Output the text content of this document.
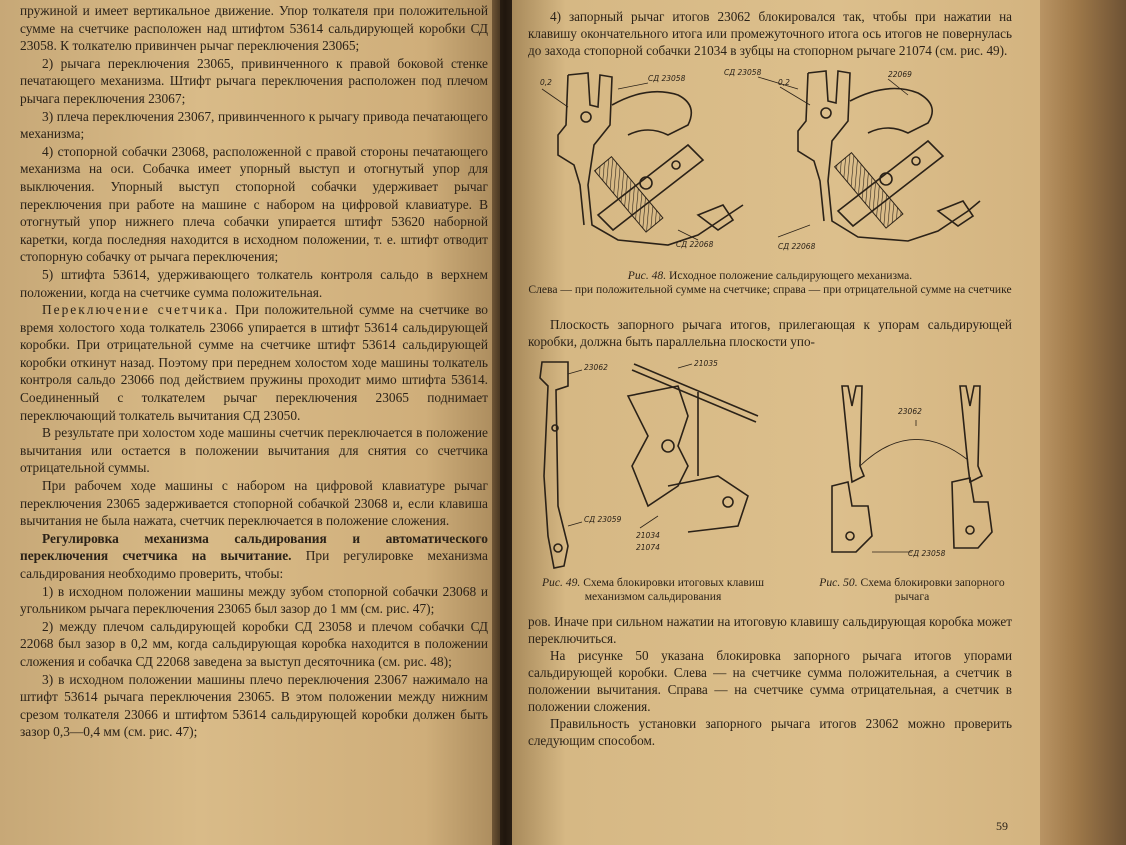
пружиной и имеет вертикальное движение. Упор толкателя при положительной сумме на счетчике расположен над штифтом 53614 сальдирующей коробки СД 23058. К толкателю привинчен рычаг переключения 23065;

2) рычага переключения 23065, привинченного к правой боковой стенке печатающего механизма. Штифт рычага переключения расположен под плечом рычага переключения 23067;

3) плеча переключения 23067, привинченного к рычагу привода печатающего механизма;

4) стопорной собачки 23068, расположенной с правой стороны печатающего механизма на оси. Собачка имеет упорный выступ и отогнутый упор для выключения. Упорный выступ стопорной собачки удерживает рычаг переключения при работе на машине с набором на цифровой клавиатуре. В отогнутый упор нижнего плеча собачки упирается штифт 53620 наборной каретки, когда последняя находится в исходном положении, т. е. штифт отводит стопорную собачку от рычага переключения;

5) штифта 53614, удерживающего толкатель контроля сальдо в верхнем положении, когда на счетчике сумма положительная.

Переключение счетчика. При положительной сумме на счетчике во время холостого хода толкатель 23066 упирается в штифт 53614 сальдирующей коробки. При отрицательной сумме на счетчике штифт 53614 сальдирующей коробки откинут назад. Поэтому при переднем холостом ходе машины толкатель контроля сальдо 23066 под действием пружины проходит мимо штифта 53614. Соединенный с толкателем рычаг переключения 23065 поднимает переключающий толкатель вычитания СД 23050.

В результате при холостом ходе машины счетчик переключается в положение вычитания или остается в положении вычитания для снятия со счетчика отрицательной суммы.

При рабочем ходе машины с набором на цифровой клавиатуре рычаг переключения 23065 задерживается стопорной собачкой 23068 и, если клавиша вычитания не была нажата, счетчик переключается в положение сложения.

Регулировка механизма сальдирования и автоматического переключения счетчика на вычитание. При регулировке механизма сальдирования необходимо проверить, чтобы:

1) в исходном положении машины между зубом стопорной собачки 23068 и угольником рычага переключения 23065 был зазор до 1 мм (см. рис. 47);

2) между плечом сальдирующей коробки СД 23058 и плечом собачки СД 22068 был зазор в 0,2 мм, когда сальдирующая коробка находится в положении сложения и собачка СД 22068 заведена за выступ десяточника (см. рис. 48);

3) в исходном положении машины плечо переключения 23067 нажимало на штифт 53614 рычага переключения 23065. В этом положении между нижним срезом толкателя 23066 и штифтом 53614 сальдирующей коробки должен быть зазор 0,3—0,4 мм (см. рис. 47);

4) запорный рычаг итогов 23062 блокировался так, чтобы при нажатии на клавишу окончательного итога или промежуточного итога ось итогов не повернулась до захода стопорной собачки 21034 в зубцы на стопорном рычаге 21074 (см. рис. 49).

0,2	СД 23058
СД 22068
0,2
СД 23058	22069
СД 22068
Рис. 48. Исходное положение сальдирующего механизма.
Слева — при положительной сумме на счетчике; справа — при отрицательной сумме на счетчике

Плоскость запорного рычага итогов, прилегающая к упорам сальдирующей коробки, должна быть параллельна плоскости упо-

23062	21035
СД 23059
21034
21074
Рис. 49. Схема блокировки итоговых клавиш механизмом сальдирования
23062
СД 23058
Рис. 50. Схема блокировки запорного рычага

ров. Иначе при сильном нажатии на итоговую клавишу сальдирующая коробка может переключиться.

На рисунке 50 указана блокировка запорного рычага итогов упорами сальдирующей коробки. Слева — на счетчике сумма положительная, а счетчик в положении вычитания. Справа — на счетчике сумма отрицательная, а счетчик в положении сложения.

Правильность установки запорного рычага итогов 23062 можно проверить следующим способом.

59
